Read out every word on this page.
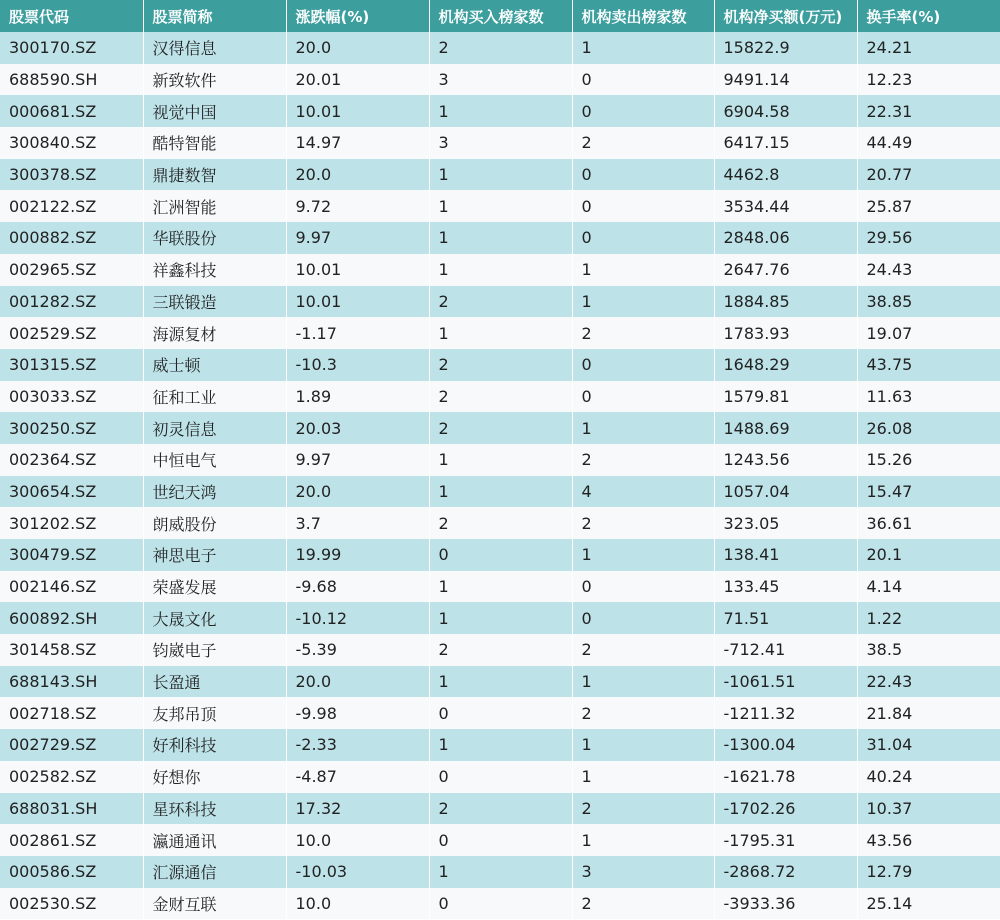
股票代码	股票简称	涨跌幅(%)	机构买入榜家数	机构卖出榜家数	机构净买额(万元)	换手率(%)
300170.SZ	汉得信息	20.0	2	1	15822.9	24.21
688590.SH	新致软件	20.01	3	0	9491.14	12.23
000681.SZ	视觉中国	10.01	1	0	6904.58	22.31
300840.SZ	酷特智能	14.97	3	2	6417.15	44.49
300378.SZ	鼎捷数智	20.0	1	0	4462.8	20.77
002122.SZ	汇洲智能	9.72	1	0	3534.44	25.87
000882.SZ	华联股份	9.97	1	0	2848.06	29.56
002965.SZ	祥鑫科技	10.01	1	1	2647.76	24.43
001282.SZ	三联锻造	10.01	2	1	1884.85	38.85
002529.SZ	海源复材	-1.17	1	2	1783.93	19.07
301315.SZ	威士顿	-10.3	2	0	1648.29	43.75
003033.SZ	征和工业	1.89	2	0	1579.81	11.63
300250.SZ	初灵信息	20.03	2	1	1488.69	26.08
002364.SZ	中恒电气	9.97	1	2	1243.56	15.26
300654.SZ	世纪天鸿	20.0	1	4	1057.04	15.47
301202.SZ	朗威股份	3.7	2	2	323.05	36.61
300479.SZ	神思电子	19.99	0	1	138.41	20.1
002146.SZ	荣盛发展	-9.68	1	0	133.45	4.14
600892.SH	大晟文化	-10.12	1	0	71.51	1.22
301458.SZ	钧崴电子	-5.39	2	2	-712.41	38.5
688143.SH	长盈通	20.0	1	1	-1061.51	22.43
002718.SZ	友邦吊顶	-9.98	0	2	-1211.32	21.84
002729.SZ	好利科技	-2.33	1	1	-1300.04	31.04
002582.SZ	好想你	-4.87	0	1	-1621.78	40.24
688031.SH	星环科技	17.32	2	2	-1702.26	10.37
002861.SZ	瀛通通讯	10.0	0	1	-1795.31	43.56
000586.SZ	汇源通信	-10.03	1	3	-2868.72	12.79
002530.SZ	金财互联	10.0	0	2	-3933.36	25.14
